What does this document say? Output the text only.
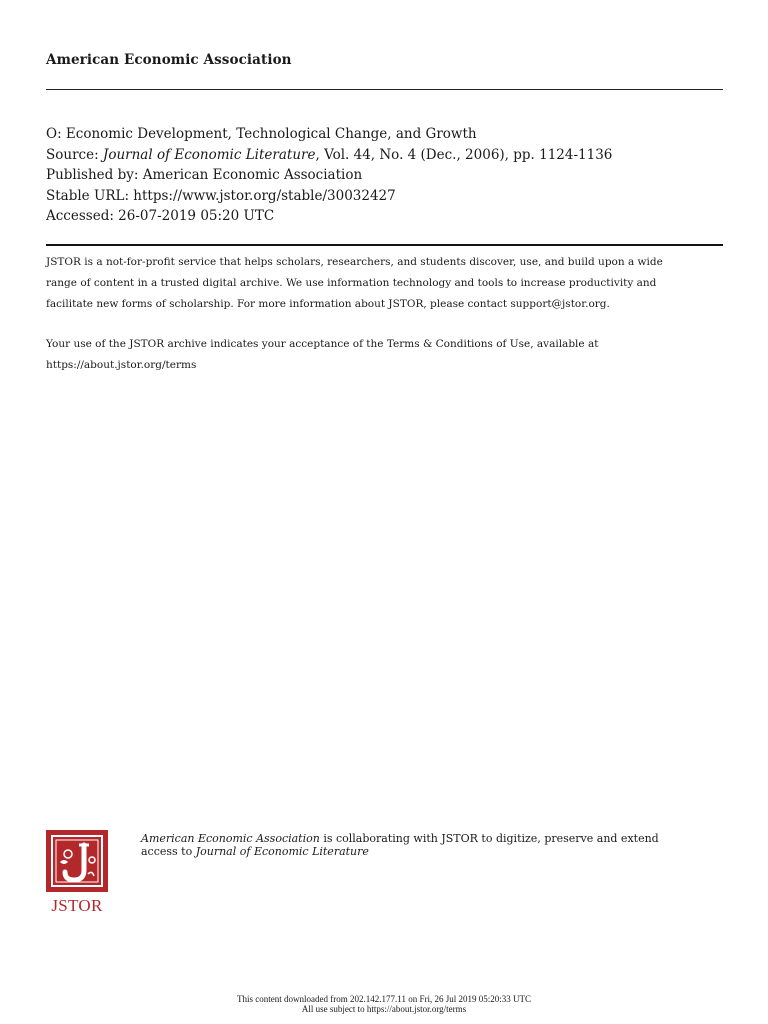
American Economic Association
O: Economic Development, Technological Change, and Growth
Source: Journal of Economic Literature, Vol. 44, No. 4 (Dec., 2006), pp. 1124-1136
Published by: American Economic Association
Stable URL: https://www.jstor.org/stable/30032427
Accessed: 26-07-2019 05:20 UTC
JSTOR is a not-for-profit service that helps scholars, researchers, and students discover, use, and build upon a wide
range of content in a trusted digital archive. We use information technology and tools to increase productivity and
facilitate new forms of scholarship. For more information about JSTOR, please contact support@jstor.org.
Your use of the JSTOR archive indicates your acceptance of the Terms & Conditions of Use, available at
https://about.jstor.org/terms
JSTOR
American Economic Association is collaborating with JSTOR to digitize, preserve and extend
access to Journal of Economic Literature
This content downloaded from 202.142.177.11 on Fri, 26 Jul 2019 05:20:33 UTC
All use subject to https://about.jstor.org/terms
